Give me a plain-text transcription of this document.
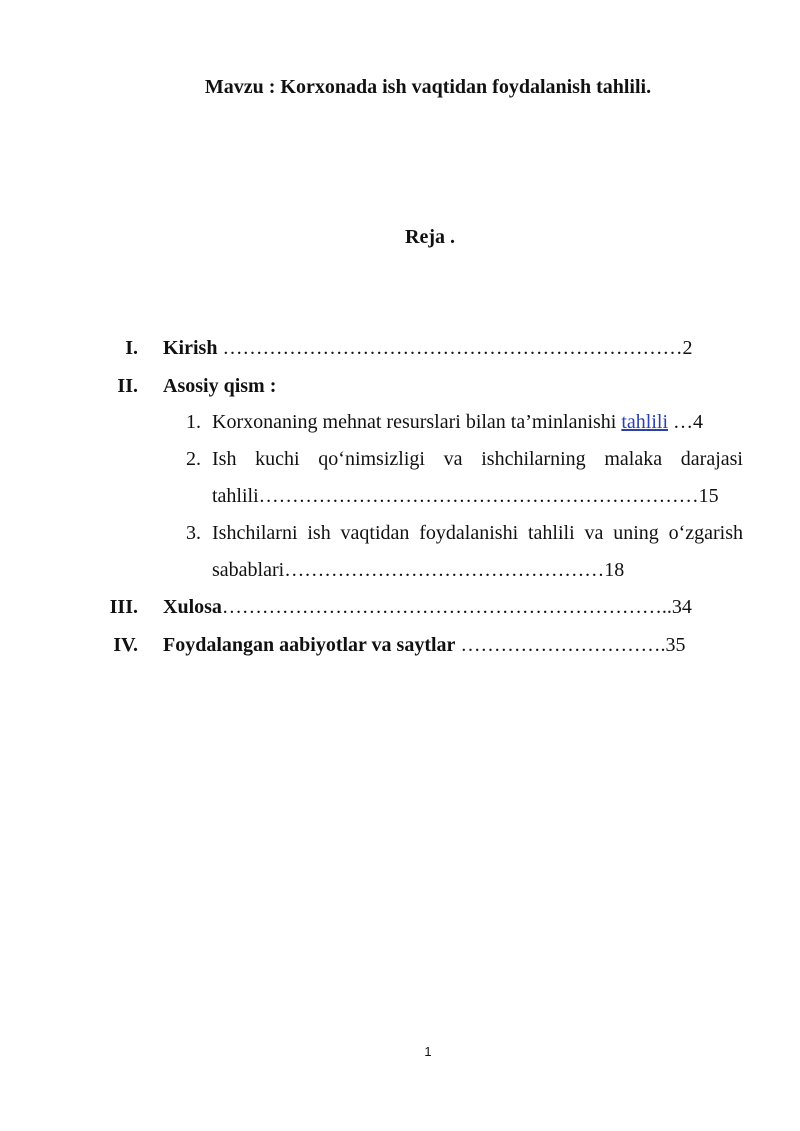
Mavzu : Korxonada ish vaqtidan foydalanish tahlili.
Reja .
I. Kirish ……………………………………………………………2
II. Asosiy qism :
1. Korxonaning mehnat resurslari bilan ta’minlanishi tahlili …4
2. Ish kuchi qo‘nimsizligi va ishchilarning malaka darajasi
tahlili…………………………………………………………15
3. Ishchilarni ish vaqtidan foydalanishi tahlili va uning o‘zgarish
sabablari…………………………………………18
III. Xulosa…………………………………………………………..34
IV. Foydalangan aabiyotlar va saytlar ………………………….35
1
